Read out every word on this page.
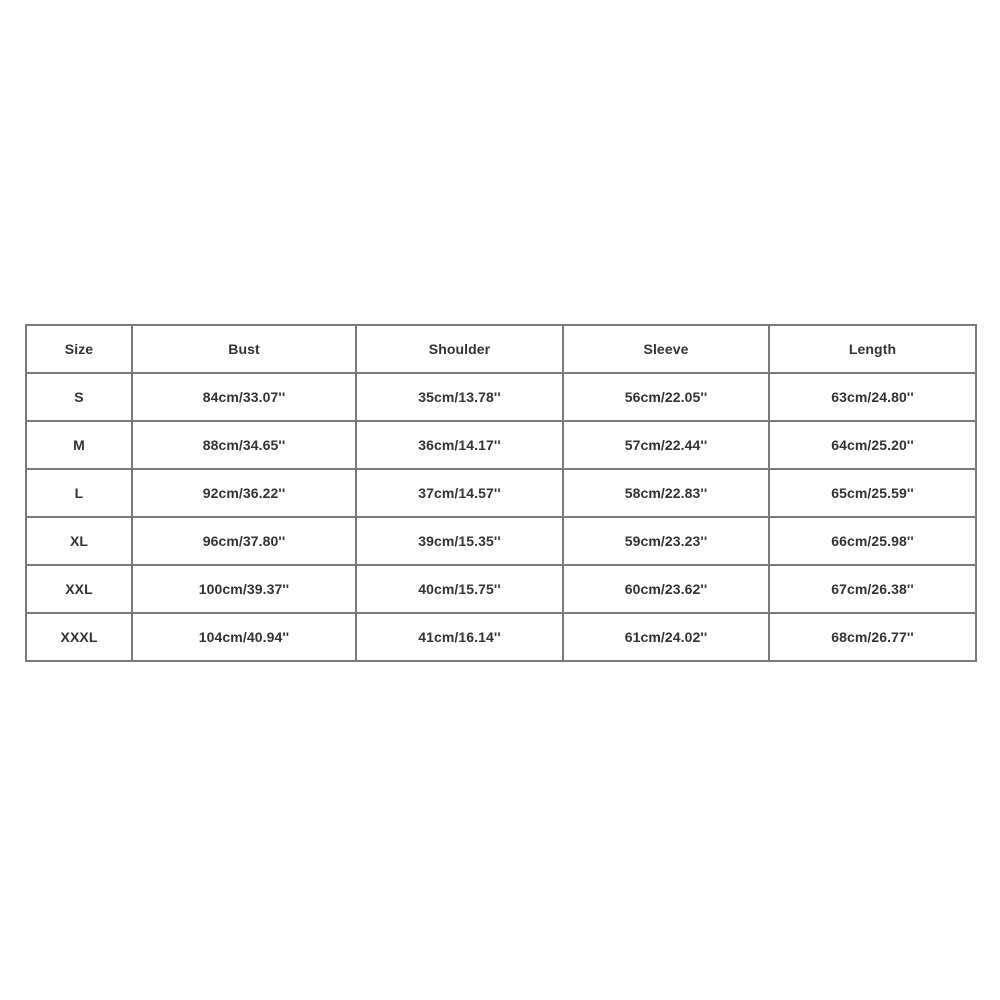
Size	Bust	Shoulder	Sleeve	Length
S	84cm/33.07''	35cm/13.78''	56cm/22.05''	63cm/24.80''
M	88cm/34.65''	36cm/14.17''	57cm/22.44''	64cm/25.20''
L	92cm/36.22''	37cm/14.57''	58cm/22.83''	65cm/25.59''
XL	96cm/37.80''	39cm/15.35''	59cm/23.23''	66cm/25.98''
XXL	100cm/39.37''	40cm/15.75''	60cm/23.62''	67cm/26.38''
XXXL	104cm/40.94''	41cm/16.14''	61cm/24.02''	68cm/26.77''
